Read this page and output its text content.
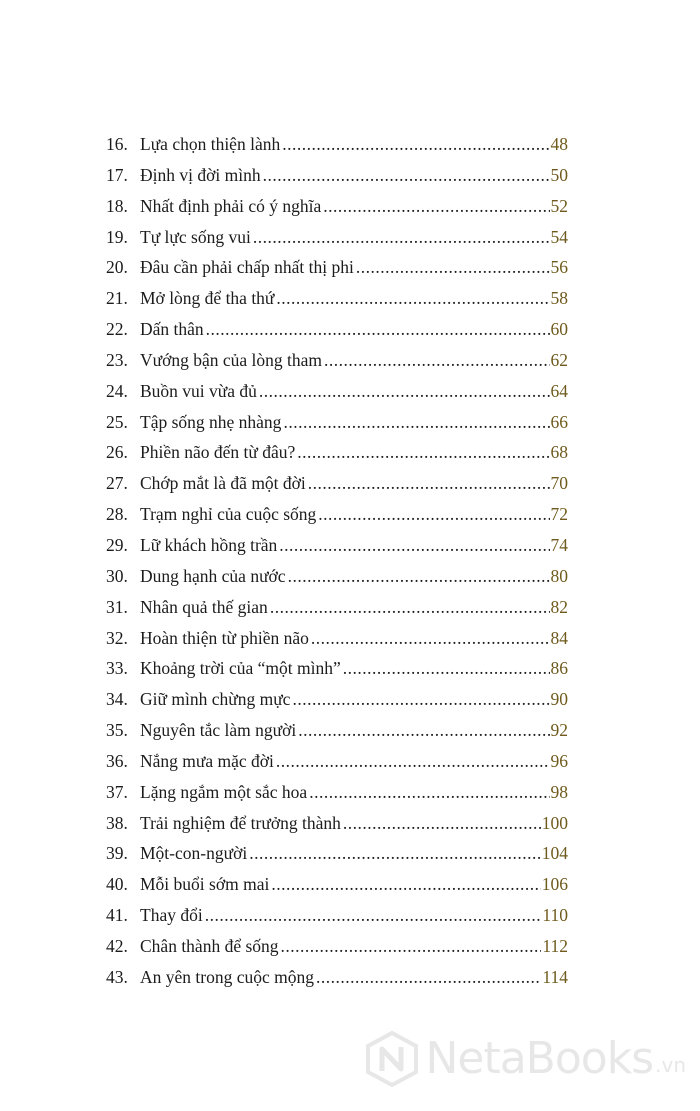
16. Lựa chọn thiện lành .....	48
17. Định vị đời mình .....	50
18. Nhất định phải có ý nghĩa .....	52
19. Tự lực sống vui .....	54
20. Đâu cần phải chấp nhất thị phi .....	56
21. Mở lòng để tha thứ .....	58
22. Dấn thân .....	60
23. Vướng bận của lòng tham .....	62
24. Buồn vui vừa đủ .....	64
25. Tập sống nhẹ nhàng .....	66
26. Phiền não đến từ đâu? .....	68
27. Chớp mắt là đã một đời .....	70
28. Trạm nghỉ của cuộc sống .....	72
29. Lữ khách hồng trần .....	74
30. Dung hạnh của nước .....	80
31. Nhân quả thế gian .....	82
32. Hoàn thiện từ phiền não .....	84
33. Khoảng trời của “một mình” .....	86
34. Giữ mình chừng mực .....	90
35. Nguyên tắc làm người .....	92
36. Nắng mưa mặc đời .....	96
37. Lặng ngắm một sắc hoa .....	98
38. Trải nghiệm để trưởng thành .....	100
39. Một-con-người .....	104
40. Mỗi buổi sớm mai .....	106
41. Thay đổi .....	110
42. Chân thành để sống .....	112
43. An yên trong cuộc mộng .....	114
NetaBooks .vn
